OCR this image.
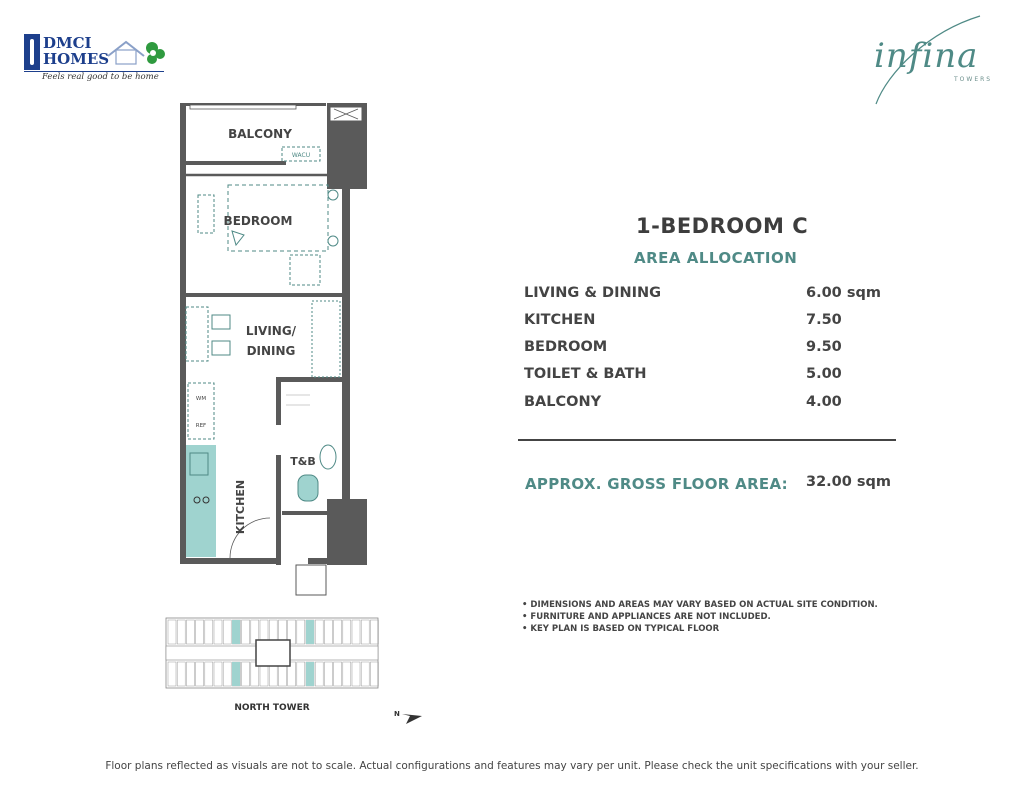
DMCI
HOMES
Feels real good to be home
infina
TOWERS
BALCONY
WACU
BEDROOM
LIVING/
DINING
WM
REF
KITCHEN
T&B
NORTH TOWER
N
1-BEDROOM C
AREA ALLOCATION
LIVING & DINING	6.00 sqm
KITCHEN	7.50
BEDROOM	9.50
TOILET & BATH	5.00
BALCONY	4.00
APPROX. GROSS FLOOR AREA: 32.00 sqm
• DIMENSIONS AND AREAS MAY VARY BASED ON ACTUAL SITE CONDITION.
• FURNITURE AND APPLIANCES ARE NOT INCLUDED.
• KEY PLAN IS BASED ON TYPICAL FLOOR
Floor plans reflected as visuals are not to scale. Actual configurations and features may vary per unit. Please check the unit specifications with your seller.
